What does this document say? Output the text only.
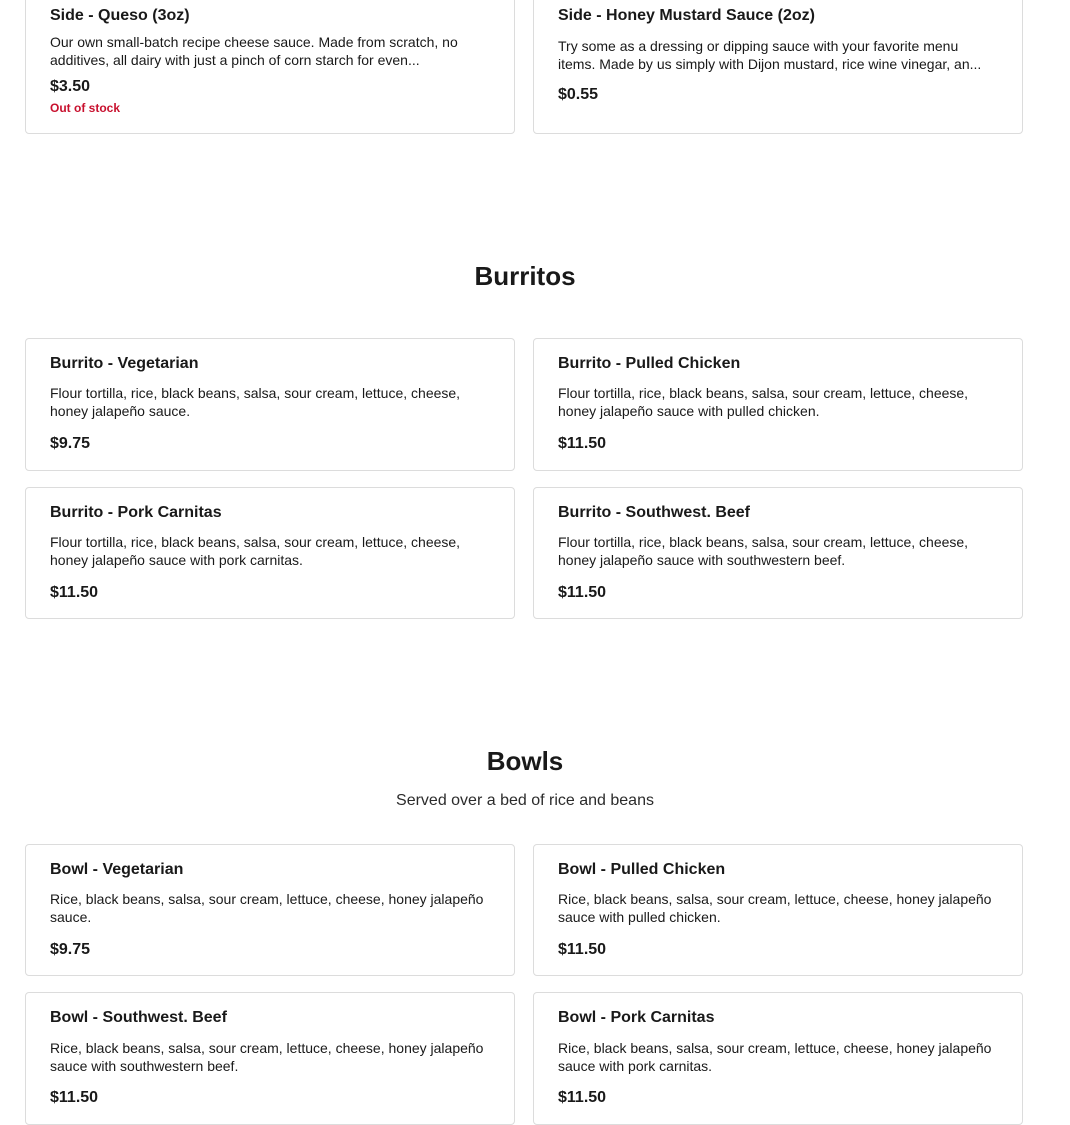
Side - Queso (3oz)

Our own small-batch recipe cheese sauce. Made from scratch, no additives, all dairy with just a pinch of corn starch for even...

$3.50

Out of stock
Side - Honey Mustard Sauce (2oz)

Try some as a dressing or dipping sauce with your favorite menu items. Made by us simply with Dijon mustard, rice wine vinegar, an...

$0.55

Burritos
Burrito - Vegetarian

Flour tortilla, rice, black beans, salsa, sour cream, lettuce, cheese, honey jalapeño sauce.

$9.75

Burrito - Pulled Chicken

Flour tortilla, rice, black beans, salsa, sour cream, lettuce, cheese, honey jalapeño sauce with pulled chicken.

$11.50

Burrito - Pork Carnitas

Flour tortilla, rice, black beans, salsa, sour cream, lettuce, cheese, honey jalapeño sauce with pork carnitas.

$11.50

Burrito - Southwest. Beef

Flour tortilla, rice, black beans, salsa, sour cream, lettuce, cheese, honey jalapeño sauce with southwestern beef.

$11.50

Bowls

Served over a bed of rice and beans

Bowl - Vegetarian

Rice, black beans, salsa, sour cream, lettuce, cheese, honey jalapeño sauce.

$9.75

Bowl - Pulled Chicken

Rice, black beans, salsa, sour cream, lettuce, cheese, honey jalapeño sauce with pulled chicken.

$11.50

Bowl - Southwest. Beef

Rice, black beans, salsa, sour cream, lettuce, cheese, honey jalapeño sauce with southwestern beef.

$11.50

Bowl - Pork Carnitas

Rice, black beans, salsa, sour cream, lettuce, cheese, honey jalapeño sauce with pork carnitas.

$11.50
